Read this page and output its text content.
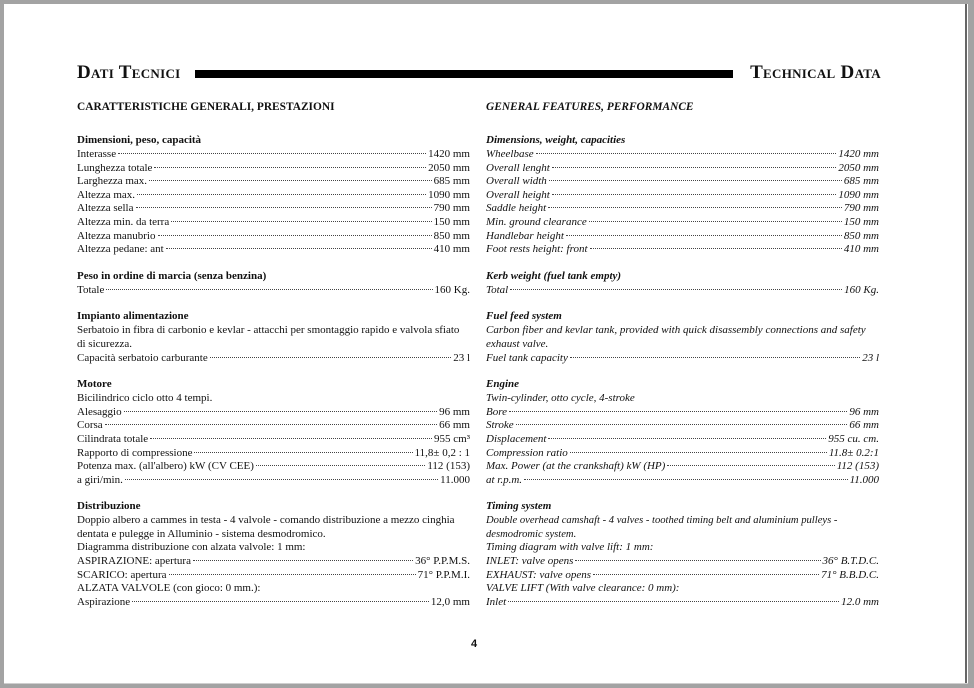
Dati Tecnici	Technical Data
CARATTERISTICHE GENERALI, PRESTAZIONI
Dimensioni, peso, capacità
Interasse	1420 mm
Lunghezza totale	2050 mm
Larghezza max.	685 mm
Altezza max.	1090 mm
Altezza sella	790 mm
Altezza min. da terra	150 mm
Altezza manubrio	850 mm
Altezza pedane: ant	410 mm
Peso in ordine di marcia (senza benzina)
Totale	160 Kg.
Impianto alimentazione
Serbatoio in fibra di carbonio e kevlar - attacchi per smontaggio rapido e valvola sfiato di sicurezza.
Capacità serbatoio carburante	23 l
Motore
Bicilindrico ciclo otto 4 tempi.
Alesaggio	96 mm
Corsa	66 mm
Cilindrata totale	955 cm³
Rapporto di compressione	11,8± 0,2 : 1
Potenza max. (all'albero) kW (CV CEE)	112 (153)
a giri/min.	11.000
Distribuzione
Doppio albero a cammes in testa - 4 valvole - comando distribuzione a mezzo cinghia dentata e pulegge in Alluminio - sistema desmodromico.
Diagramma distribuzione con alzata valvole: 1 mm:
ASPIRAZIONE: apertura	36° P.P.M.S.
SCARICO: apertura	71° P.P.M.I.
ALZATA VALVOLE (con gioco: 0 mm.):
Aspirazione	12,0 mm
GENERAL FEATURES, PERFORMANCE
Dimensions, weight, capacities
Wheelbase	1420 mm
Overall lenght	2050 mm
Overall width	685 mm
Overall height	1090 mm
Saddle height	790 mm
Min. ground clearance	150 mm
Handlebar height	850 mm
Foot rests height: front	410 mm
Kerb weight (fuel tank empty)
Total	160 Kg.
Fuel feed system
Carbon fiber and kevlar tank, provided with quick disassembly connections and safety exhaust valve.
Fuel tank capacity	23 l
Engine
Twin-cylinder, otto cycle, 4-stroke
Bore	96 mm
Stroke	66 mm
Displacement	955 cu. cm.
Compression ratio	11.8± 0.2:1
Max. Power (at the crankshaft) kW (HP)	112 (153)
at r.p.m.	11.000
Timing system
Double overhead camshaft - 4 valves - toothed timing belt and aluminium pulleys - desmodromic system.
Timing diagram with valve lift: 1 mm:
INLET: valve opens	36° B.T.D.C.
EXHAUST: valve opens	71° B.B.D.C.
VALVE LIFT (With valve clearance: 0 mm):
Inlet	12.0 mm
4
